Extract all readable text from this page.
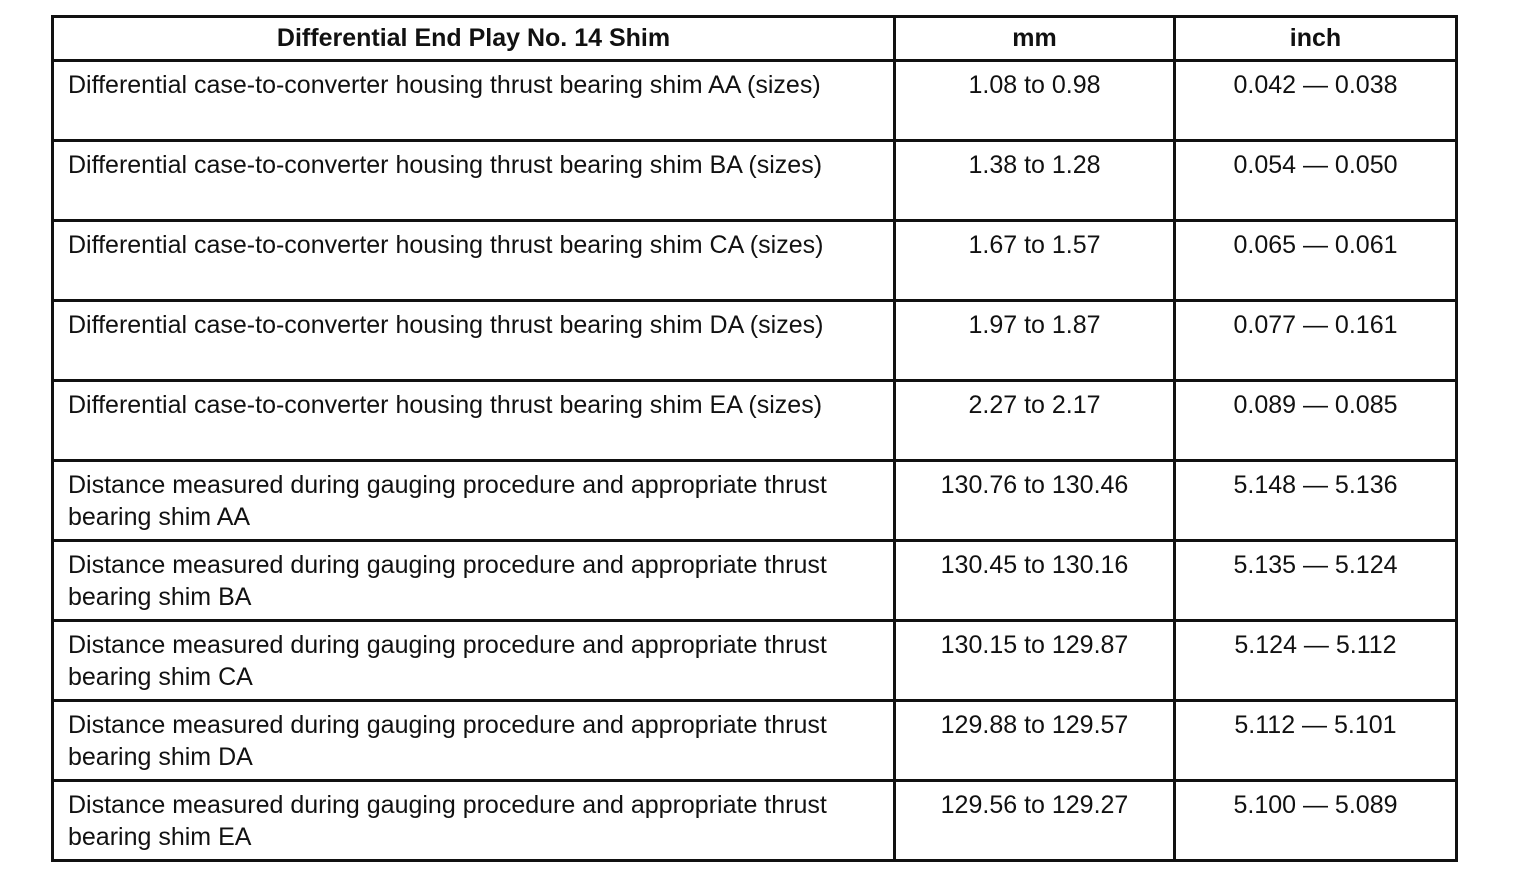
Differential End Play No. 14 Shim	mm	inch
Differential case-to-converter housing thrust bearing shim AA (sizes)	1.08 to 0.98	0.042 — 0.038
Differential case-to-converter housing thrust bearing shim BA (sizes)	1.38 to 1.28	0.054 — 0.050
Differential case-to-converter housing thrust bearing shim CA (sizes)	1.67 to 1.57	0.065 — 0.061
Differential case-to-converter housing thrust bearing shim DA (sizes)	1.97 to 1.87	0.077 — 0.161
Differential case-to-converter housing thrust bearing shim EA (sizes)	2.27 to 2.17	0.089 — 0.085
Distance measured during gauging procedure and appropriate thrust bearing shim AA	130.76 to 130.46	5.148 — 5.136
Distance measured during gauging procedure and appropriate thrust bearing shim BA	130.45 to 130.16	5.135 — 5.124
Distance measured during gauging procedure and appropriate thrust bearing shim CA	130.15 to 129.87	5.124 — 5.112
Distance measured during gauging procedure and appropriate thrust bearing shim DA	129.88 to 129.57	5.112 — 5.101
Distance measured during gauging procedure and appropriate thrust bearing shim EA	129.56 to 129.27	5.100 — 5.089
